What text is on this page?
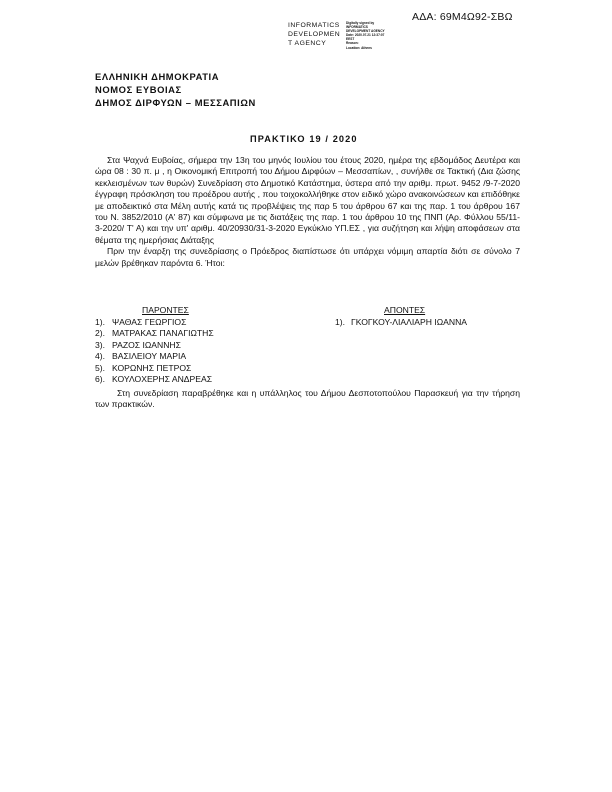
ΑΔΑ: 69Μ4Ω92-ΣΒΩ
INFORMATICS
DEVELOPMEN
T AGENCY
Digitally signed by
INFORMATICS
DEVELOPMENT AGENCY
Date: 2020.07.21 12:37:07
EEST
Reason:
Location: Athens
ΕΛΛΗΝΙΚΗ ΔΗΜΟΚΡΑΤΙΑ
ΝΟΜΟΣ ΕΥΒΟΙΑΣ
ΔΗΜΟΣ ΔΙΡΦΥΩΝ – ΜΕΣΣΑΠΙΩΝ
ΠΡΑΚΤΙΚΟ 19 / 2020

Στα Ψαχνά Ευβοίας, σήμερα την 13η του μηνός Ιουλίου του έτους 2020, ημέρα της εβδομάδος Δευτέρα και ώρα 08 : 30 π. μ , η Οικονομική Επιτροπή του Δήμου Διρφύων – Μεσσαπίων, , συνήλθε σε Τακτική (Δια ζώσης κεκλεισμένων των θυρών) Συνεδρίαση στο Δημοτικό Κατάστημα, ύστερα από την αριθμ. πρωτ. 9452 /9-7-2020 έγγραφη πρόσκληση του προέδρου αυτής , που τοιχοκολλήθηκε στον ειδικό χώρο ανακοινώσεων και επιδόθηκε με αποδεικτικό στα Μέλη αυτής κατά τις προβλέψεις της παρ 5 του άρθρου 67 και της παρ. 1 του άρθρου 167 του Ν. 3852/2010 (Α' 87) και σύμφωνα με τις διατάξεις της παρ. 1 του άρθρου 10 της ΠΝΠ (Αρ. Φύλλου 55/11-3-2020/ Τ' Α) και την υπ' αριθμ. 40/20930/31-3-2020 Εγκύκλιο ΥΠ.ΕΣ , για συζήτηση και λήψη αποφάσεων στα θέματα της ημερήσιας Διάταξης

Πριν την έναρξη της συνεδρίασης ο Πρόεδρος διαπίστωσε ότι υπάρχει νόμιμη απαρτία διότι σε σύνολο 7 μελών βρέθηκαν παρόντα 6. Ήτοι:

ΠΑΡΟΝΤΕΣ	ΑΠΟΝΤΕΣ
1). ΨΑΘΑΣ ΓΕΩΡΓΙΟΣ
2). ΜΑΤΡΑΚΑΣ ΠΑΝΑΓΙΩΤΗΣ
3). ΡΑΖΟΣ ΙΩΑΝΝΗΣ
4). ΒΑΣΙΛΕΙΟΥ ΜΑΡΙΑ
5). ΚΟΡΩΝΗΣ ΠΕΤΡΟΣ
6). ΚΟΥΛΟΧΕΡΗΣ ΑΝΔΡΕΑΣ
1). ΓΚΟΓΚΟΥ-ΛΙΑΛΙΑΡΗ ΙΩΑΝΝΑ

Στη συνεδρίαση παραβρέθηκε και η υπάλληλος του Δήμου Δεσποτοπούλου Παρασκευή για την τήρηση των πρακτικών.
